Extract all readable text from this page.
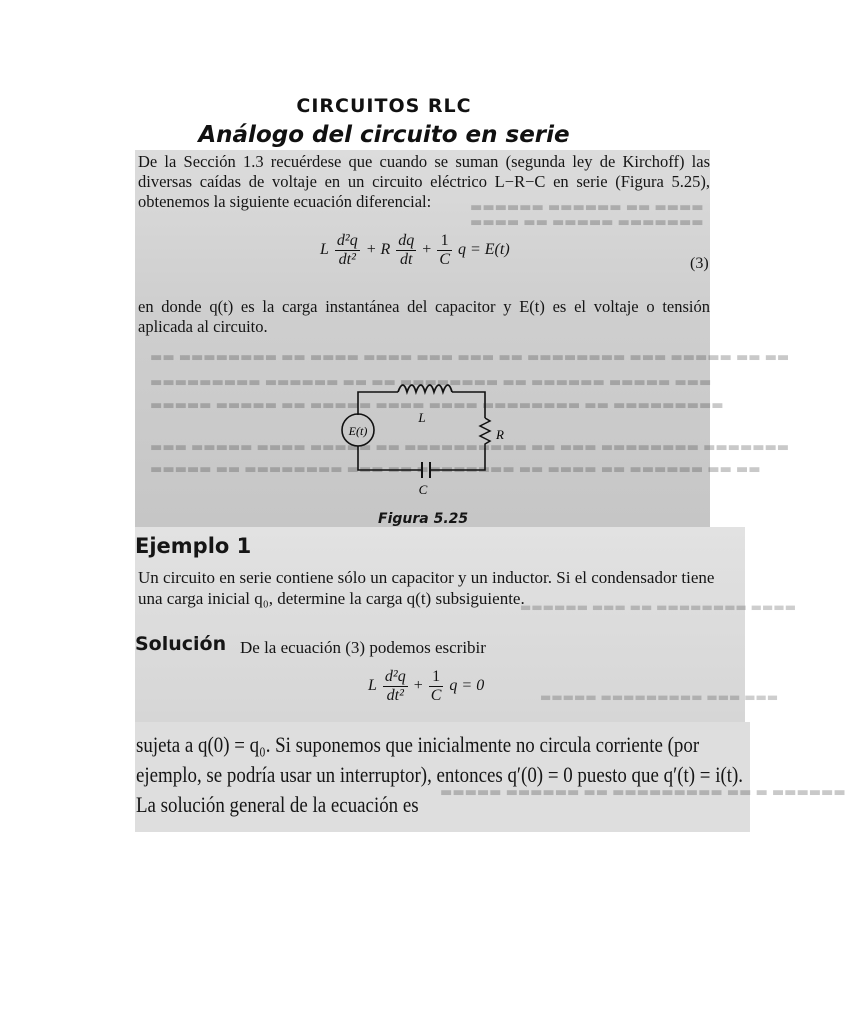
▬▬▬▬ ▬▬ ▬▬▬▬▬▬ ▬▬▬▬▬▬
▬▬▬▬▬▬▬ ▬▬▬▬▬ ▬▬ ▬▬▬▬
▬▬ ▬▬ ▬▬▬▬▬ ▬▬▬ ▬▬▬▬▬▬▬▬ ▬▬ ▬▬▬ ▬▬▬ ▬▬▬▬ ▬▬▬▬ ▬▬ ▬▬▬▬▬▬▬▬ ▬▬
▬▬▬ ▬▬▬▬▬ ▬▬▬▬▬▬ ▬▬ ▬▬▬▬▬▬▬▬ ▬▬ ▬▬ ▬▬▬▬▬▬ ▬▬▬▬▬▬▬▬▬
▬▬▬▬▬▬▬▬▬ ▬▬ ▬▬▬▬▬▬▬▬ ▬▬▬▬ ▬▬▬▬ ▬▬▬▬▬ ▬▬ ▬▬▬▬▬ ▬▬▬▬▬
▬▬▬▬▬▬▬ ▬▬▬▬▬▬▬▬ ▬▬▬ ▬▬ ▬▬▬▬▬▬▬▬▬▬ ▬▬ ▬▬▬▬▬ ▬▬▬▬ ▬▬▬▬▬ ▬▬▬
▬▬ ▬▬ ▬▬▬▬▬▬ ▬▬ ▬▬▬▬ ▬▬ ▬▬▬▬▬▬▬▬ ▬▬ ▬▬▬ ▬▬▬▬▬▬▬▬ ▬▬ ▬▬▬▬▬
▬▬▬▬▬▬ ▬▬▬ ▬▬ ▬▬▬▬▬▬▬▬ ▬▬▬▬
▬▬▬▬▬ ▬▬▬▬▬▬▬▬▬ ▬▬▬ ▬▬▬
▬▬▬▬▬▬ ▬ ▬▬ ▬▬▬▬▬▬▬▬▬ ▬▬ ▬▬▬▬▬▬ ▬▬▬▬▬
CIRCUITOS RLC
Análogo del circuito en serie
De la Sección 1.3 recuérdese que cuando se suman (segunda ley de Kirchoff) las diversas caídas de voltaje en un circuito eléctrico L−R−C en serie (Figura 5.25), obtenemos la siguiente ecuación diferencial:
L $\frac{\text{d²q}}{\text{dt²}} + R \frac{dq}{dt} + \frac{1}{C}$ q = E(t)
(3)
en donde q(t) es la carga instantánea del capacitor y E(t) es el voltaje o tensión aplicada al circuito.
E(t)
L
R
C
Figura 5.25
Ejemplo 1
Un circuito en serie contiene sólo un capacitor y un inductor. Si el condensador tiene una carga inicial q₀, determine la carga q(t) subsiguiente.
Solución De la ecuación (3) podemos escribir
L $\frac{\text{d²q}}{\text{dt²}} + \frac{1}{C}$ q = 0
sujeta a q(0) = q₀. Si suponemos que inicialmente no circula corriente (por ejemplo, se podría usar un interruptor), entonces q′(0) = 0 puesto que q′(t) = i(t). La solución general de la ecuación es
